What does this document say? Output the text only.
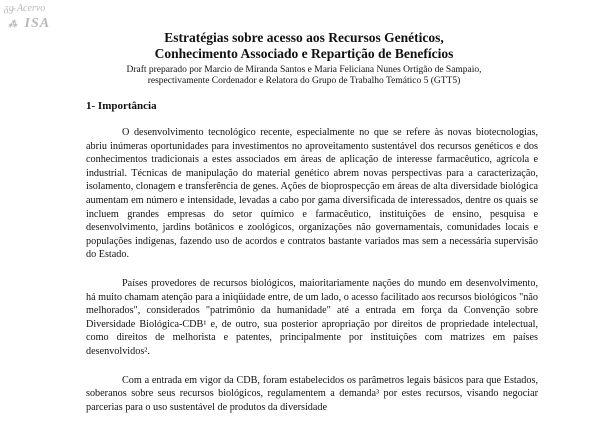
ᵹᶃ Acervo
⁂ ISA

Estratégias sobre acesso aos Recursos Genéticos,

Conhecimento Associado e Repartição de Benefícios

Draft preparado por Marcio de Miranda Santos e Maria Feliciana Nunes Ortigão de Sampaio,

respectivamente Cordenador e Relatora do Grupo de Trabalho Temático 5 (GTT5)

1- Importância

O desenvolvimento tecnológico recente, especialmente no que se refere às novas biotecnologias, abriu inúmeras oportunidades para investimentos no aproveitamento sustentável dos recursos genéticos e dos conhecimentos tradicionais a estes associados em áreas de aplicação de interesse farmacêutico, agrícola e industrial. Técnicas de manipulação do material genético abrem novas perspectivas para a caracterização, isolamento, clonagem e transferência de genes. Ações de bioprospecção em áreas de alta diversidade biológica aumentam em número e intensidade, levadas a cabo por gama diversificada de interessados, dentre os quais se incluem grandes empresas do setor químico e farmacêutico, instituições de ensino, pesquisa e desenvolvimento, jardins botânicos e zoológicos, organizações não governamentais, comunidades locais e populações indígenas, fazendo uso de acordos e contratos bastante variados mas sem a necessária supervisão do Estado.

Países provedores de recursos biológicos, maioritariamente nações do mundo em desenvolvimento, há muito chamam atenção para a iniqüidade entre, de um lado, o acesso facilitado aos recursos biológicos "não melhorados", considerados "patrimônio da humanidade" até a entrada em força da Convenção sobre Diversidade Biológica-CDB¹ e, de outro, sua posterior apropriação por direitos de propriedade intelectual, como direitos de melhorista e patentes, principalmente por instituições com matrizes em países desenvolvidos².

Com a entrada em vigor da CDB, foram estabelecidos os parâmetros legais básicos para que Estados, soberanos sobre seus recursos biológicos, regulamentem a demanda³ por estes recursos, visando negociar parcerias para o uso sustentável de produtos da diversidade
